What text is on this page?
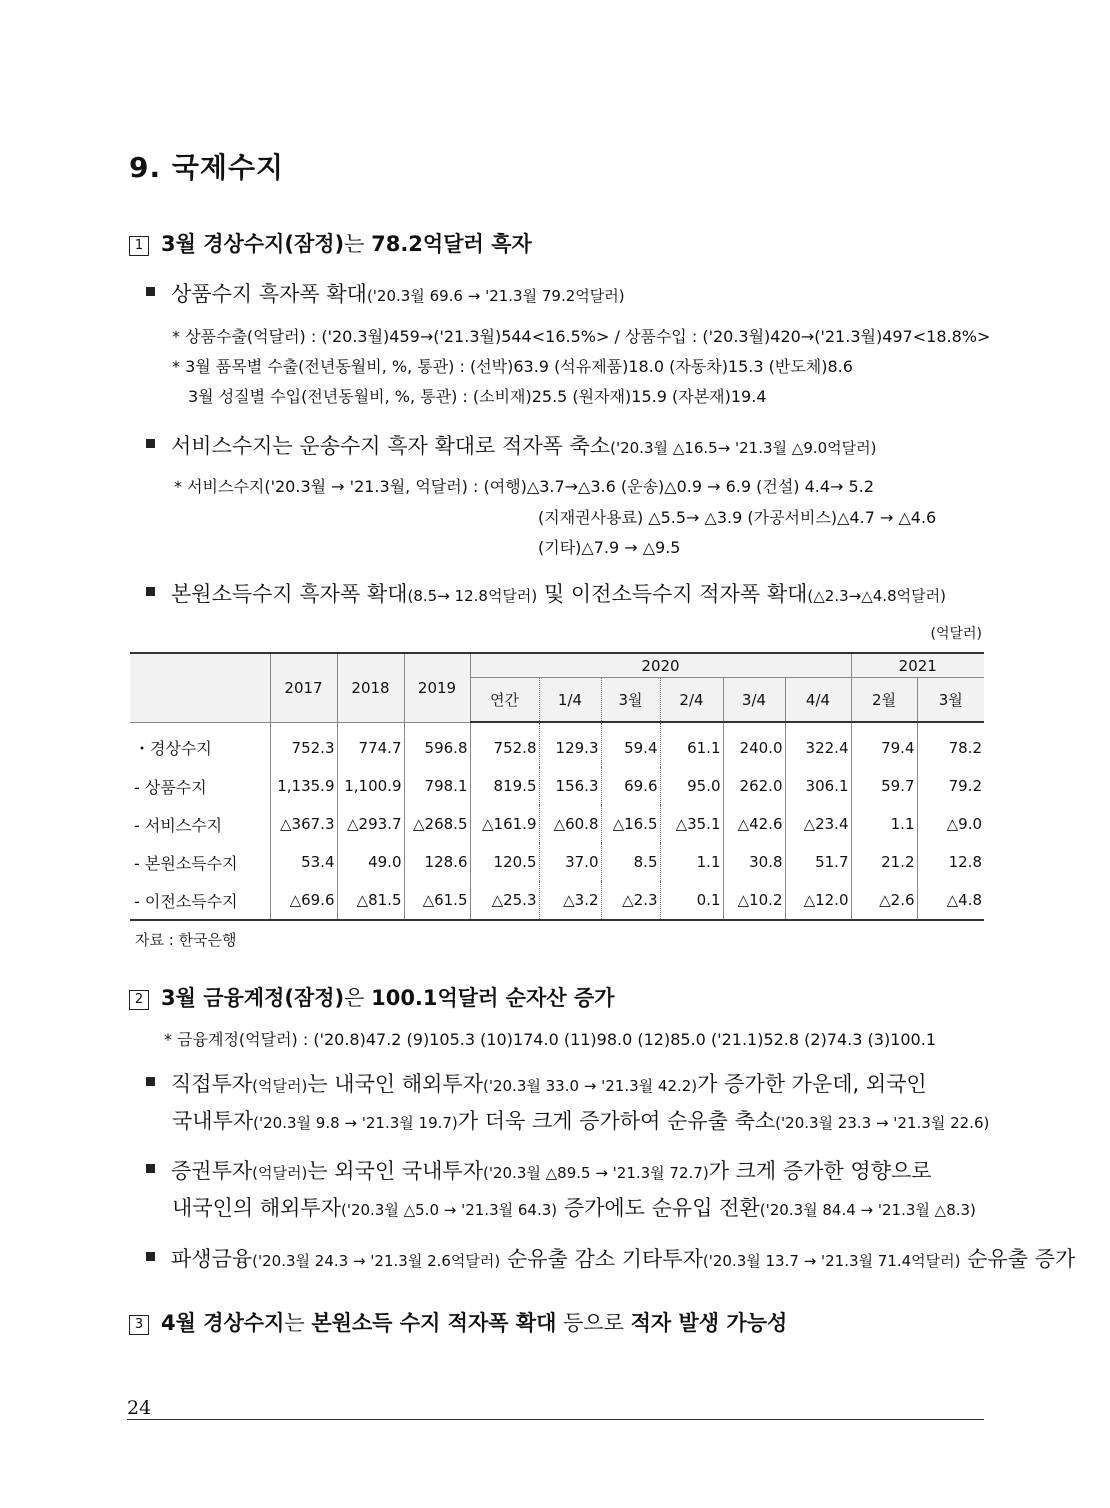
9. 국제수지
1 3월 경상수지(잠정)는 78.2억달러 흑자
상품수지 흑자폭 확대('20.3월 69.6 → '21.3월 79.2억달러)
* 상품수출(억달러) : ('20.3월)459→('21.3월)544<16.5%> / 상품수입 : ('20.3월)420→('21.3월)497<18.8%>
* 3월 품목별 수출(전년동월비, %, 통관) : (선박)63.9 (석유제품)18.0 (자동차)15.3 (반도체)8.6
3월 성질별 수입(전년동월비, %, 통관) : (소비재)25.5 (원자재)15.9 (자본재)19.4
서비스수지는 운송수지 흑자 확대로 적자폭 축소('20.3월 △16.5→ '21.3월 △9.0억달러)
* 서비스수지('20.3월 → '21.3월, 억달러) : (여행)△3.7→△3.6 (운송)△0.9 → 6.9 (건설) 4.4→ 5.2
(지재권사용료) △5.5→ △3.9 (가공서비스)△4.7 → △4.6
(기타)△7.9 → △9.5
본원소득수지 흑자폭 확대(8.5→ 12.8억달러) 및 이전소득수지 적자폭 확대(△2.3→△4.8억달러)
(억달러)
	2017	2018	2019	2020						2021	
				연간	1/4	3월	2/4	3/4	4/4	2월	3월
・경상수지	752.3	774.7	596.8	752.8	129.3	59.4	61.1	240.0	322.4	79.4	78.2
- 상품수지	1,135.9	1,100.9	798.1	819.5	156.3	69.6	95.0	262.0	306.1	59.7	79.2
- 서비스수지	△367.3	△293.7	△268.5	△161.9	△60.8	△16.5	△35.1	△42.6	△23.4	1.1	△9.0
- 본원소득수지	53.4	49.0	128.6	120.5	37.0	8.5	1.1	30.8	51.7	21.2	12.8
- 이전소득수지	△69.6	△81.5	△61.5	△25.3	△3.2	△2.3	0.1	△10.2	△12.0	△2.6	△4.8
자료 : 한국은행
2 3월 금융계정(잠정)은 100.1억달러 순자산 증가
* 금융계정(억달러) : ('20.8)47.2 (9)105.3 (10)174.0 (11)98.0 (12)85.0 ('21.1)52.8 (2)74.3 (3)100.1
직접투자(억달러)는 내국인 해외투자('20.3월 33.0 → '21.3월 42.2)가 증가한 가운데, 외국인
국내투자('20.3월 9.8 → '21.3월 19.7)가 더욱 크게 증가하여 순유출 축소('20.3월 23.3 → '21.3월 22.6)
증권투자(억달러)는 외국인 국내투자('20.3월 △89.5 → '21.3월 72.7)가 크게 증가한 영향으로
내국인의 해외투자('20.3월 △5.0 → '21.3월 64.3) 증가에도 순유입 전환('20.3월 84.4 → '21.3월 △8.3)
파생금융('20.3월 24.3 → '21.3월 2.6억달러) 순유출 감소 기타투자('20.3월 13.7 → '21.3월 71.4억달러) 순유출 증가
3 4월 경상수지는 본원소득 수지 적자폭 확대 등으로 적자 발생 가능성
24
